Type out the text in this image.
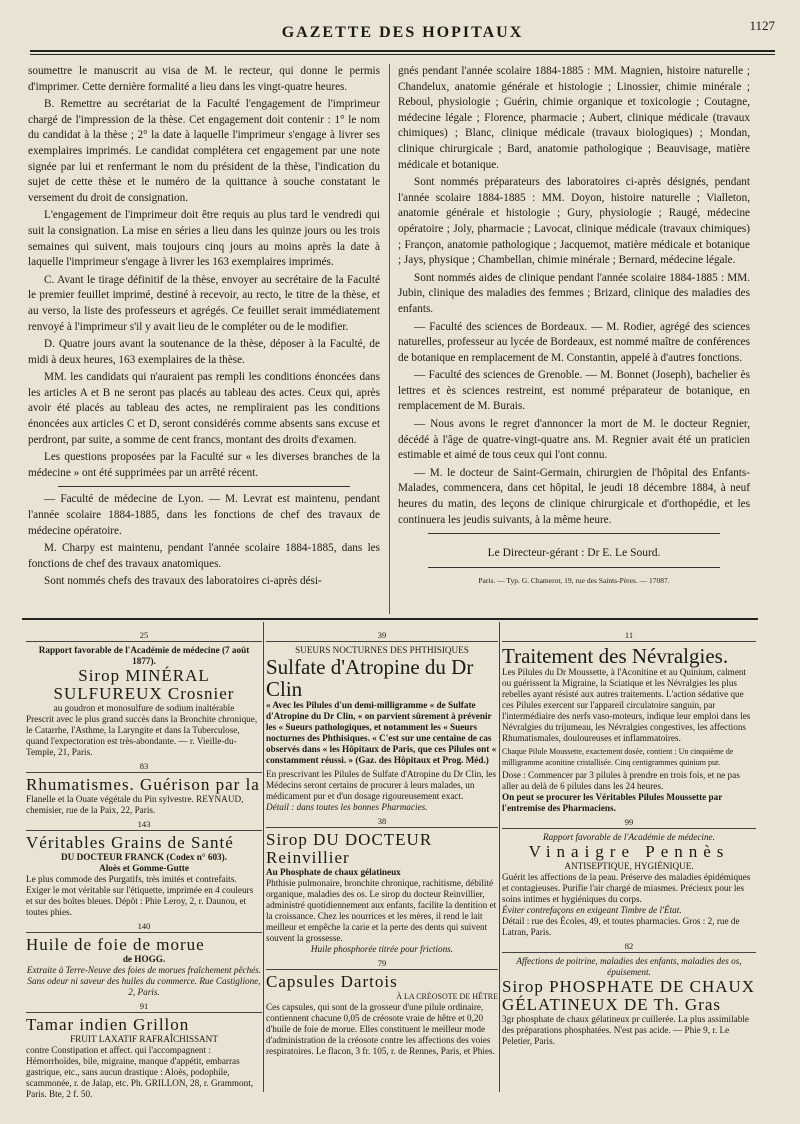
GAZETTE DES HOPITAUX	1127

soumettre le manuscrit au visa de M. le recteur, qui donne le permis d'imprimer. Cette dernière formalité a lieu dans les vingt-quatre heures.

B. Remettre au secrétariat de la Faculté l'engagement de l'imprimeur chargé de l'impression de la thèse. Cet engagement doit contenir : 1° le nom du candidat à la thèse ; 2° la date à laquelle l'imprimeur s'engage à livrer ses exemplaires imprimés. Le candidat complétera cet engagement par une note signée par lui et renfermant le nom du président de la thèse, l'indication du sujet de cette thèse et le numéro de la quittance à souche constatant le versement du droit de consignation.

L'engagement de l'imprimeur doit être requis au plus tard le vendredi qui suit la consignation. La mise en séries a lieu dans les quinze jours ou les trois semaines qui suivent, mais toujours cinq jours au moins après la date à laquelle l'imprimeur s'engage à livrer les 163 exemplaires imprimés.

C. Avant le tirage définitif de la thèse, envoyer au secrétaire de la Faculté le premier feuillet imprimé, destiné à recevoir, au recto, le titre de la thèse, et au verso, la liste des professeurs et agrégés. Ce feuillet serait immédiatement renvoyé à l'imprimeur s'il y avait lieu de le compléter ou de le modifier.

D. Quatre jours avant la soutenance de la thèse, déposer à la Faculté, de midi à deux heures, 163 exemplaires de la thèse.

MM. les candidats qui n'auraient pas rempli les conditions énoncées dans les articles A et B ne seront pas placés au tableau des actes. Ceux qui, après avoir été placés au tableau des actes, ne rempliraient pas les conditions énoncées aux articles C et D, seront considérés comme absents sans excuse et perdront, par suite, a somme de cent francs, montant des droits d'examen.

Les questions proposées par la Faculté sur « les diverses branches de la médecine » ont été supprimées par un arrêté récent.

— Faculté de médecine de Lyon. — M. Levrat est maintenu, pendant l'année scolaire 1884-1885, dans les fonctions de chef des travaux de médecine opératoire.

M. Charpy est maintenu, pendant l'année scolaire 1884-1885, dans les fonctions de chef des travaux anatomiques.

Sont nommés chefs des travaux des laboratoires ci-après dési-

gnés pendant l'année scolaire 1884-1885 : MM. Magnien, histoire naturelle ; Chandelux, anatomie générale et histologie ; Linossier, chimie minérale ; Reboul, physiologie ; Guérin, chimie organique et toxicologie ; Coutagne, médecine légale ; Florence, pharmacie ; Aubert, clinique médicale (travaux chimiques) ; Blanc, clinique médicale (travaux biologiques) ; Mondan, clinique chirurgicale ; Bard, anatomie pathologique ; Beauvisage, matière médicale et botanique.

Sont nommés préparateurs des laboratoires ci-après désignés, pendant l'année scolaire 1884-1885 : MM. Doyon, histoire naturelle ; Vialleton, anatomie générale et histologie ; Gury, physiologie ; Raugé, médecine opératoire ; Joly, pharmacie ; Lavocat, clinique médicale (travaux chimiques) ; Françon, anatomie pathologique ; Jacquemot, matière médicale et botanique ; Jays, physique ; Chambellan, chimie minérale ; Bernard, médecine légale.

Sont nommés aides de clinique pendant l'année scolaire 1884-1885 : MM. Jubin, clinique des maladies des femmes ; Brizard, clinique des maladies des enfants.

— Faculté des sciences de Bordeaux. — M. Rodier, agrégé des sciences naturelles, professeur au lycée de Bordeaux, est nommé maître de conférences de botanique en remplacement de M. Constantin, appelé à d'autres fonctions.

— Faculté des sciences de Grenoble. — M. Bonnet (Joseph), bachelier ès lettres et ès sciences restreint, est nommé préparateur de botanique, en remplacement de M. Burais.

— Nous avons le regret d'annoncer la mort de M. le docteur Regnier, décédé à l'âge de quatre-vingt-quatre ans. M. Regnier avait été un praticien estimable et aimé de tous ceux qui l'ont connu.

— M. le docteur de Saint-Germain, chirurgien de l'hôpital des Enfants-Malades, commencera, dans cet hôpital, le jeudi 18 décembre 1884, à neuf heures du matin, des leçons de clinique chirurgicale et d'orthopédie, et les continuera les jeudis suivants, à la même heure.

Le Directeur-gérant : Dr E. Le Sourd.
Paris. — Typ. G. Chamerot, 19, rue des Saints-Pères. — 17087.
25
Rapport favorable de l'Académie de médecine (7 août 1877).
Sirop MINÉRAL SULFUREUX Crosnier
au goudron et monosulfure de sodium inaltérable
Prescrit avec le plus grand succès dans la Bronchite chronique, le Catarrhe, l'Asthme, la Laryngite et dans la Tuberculose, quand l'expectoration est très-abondante. — r. Vieille-du-Temple, 21, Paris.
83
Rhumatismes. Guérison par la
Flanelle et la Ouate végétale du Pin sylvestre. REYNAUD, chemisier, rue de la Paix, 22, Paris.
143
Véritables Grains de Santé
DU DOCTEUR FRANCK (Codex n° 603).
Aloès et Gomme-Gutte
Le plus commode des Purgatifs, très imités et contrefaits. Exiger le mot véritable sur l'étiquette, imprimée en 4 couleurs et sur des boîtes bleues. Dépôt : Phie Leroy, 2, r. Daunou, et toutes phies.
140
Huile de foie de morue
de HOGG.
Extraite à Terre-Neuve des foies de morues fraîchement pêchés. Sans odeur ni saveur des huiles du commerce. Rue Castiglione, 2, Paris.
91
Tamar indien Grillon
FRUIT LAXATIF RAFRAÎCHISSANT
contre Constipation et affect. qui l'accompagnent : Hémorrhoïdes, bile, migraine, manque d'appétit, embarras gastrique, etc., sans aucun drastique : Aloès, podophile, scammonée, r. de Jalap, etc. Ph. GRILLON, 28, r. Grammont, Paris. Bte, 2 f. 50.
39
SUEURS NOCTURNES DES PHTHISIQUES
Sulfate d'Atropine du Dr Clin
« Avec les Pilules d'un demi-milligramme « de Sulfate d'Atropine du Dr Clin, « on parvient sûrement à prévenir les « Sueurs pathologiques, et notamment les « Sueurs nocturnes des Phthisiques. « C'est sur une centaine de cas observés dans « les Hôpitaux de Paris, que ces Pilules ont « constamment réussi. » (Gaz. des Hôpitaux et Prog. Méd.)
En prescrivant les Pilules de Sulfate d'Atropine du Dr Clin, les Médecins seront certains de procurer à leurs malades, un médicament pur et d'un dosage rigoureusement exact.
Détail : dans toutes les bonnes Pharmacies.
38
Sirop DU DOCTEUR Reinvillier
Au Phosphate de chaux gélatineux
Phthisie pulmonaire, bronchite chronique, rachitisme, débilité organique, maladies des os. Le sirop du docteur Reinvillier, administré quotidiennement aux enfants, facilite la dentition et la croissance. Chez les nourrices et les mères, il rend le lait meilleur et empêche la carie et la perte des dents qui suivent souvent la grossesse.
Huile phosphorée titrée pour frictions.
79
Capsules Dartois
À LA CRÉOSOTE DE HÊTRE
Ces capsules, qui sont de la grosseur d'une pilule ordinaire, contiennent chacune 0,05 de créosote vraie de hêtre et 0,20 d'huile de foie de morue. Elles constituent le meilleur mode d'administration de la créosote contre les affections des voies respiratoires. Le flacon, 3 fr. 105, r. de Rennes, Paris, et Phies.
11
Traitement des Névralgies.
Les Pilules du Dr Moussette, à l'Aconitine et au Quinium, calment ou guérissent la Migraine, la Sciatique et les Névralgies les plus rebelles ayant résisté aux autres traitements. L'action sédative que ces Pilules exercent sur l'appareil circulatoire sanguin, par l'intermédiaire des nerfs vaso-moteurs, indique leur emploi dans les Névralgies du trijumeau, les Névralgies congestives, les affections Rhumatismales, douloureuses et inflammatoires.
Chaque Pilule Moussette, exactement dosée, contient : Un cinquième de milligramme aconitine cristallisée. Cinq centigrammes quinium pur.
Dose : Commencer par 3 pilules à prendre en trois fois, et ne pas aller au delà de 6 pilules dans les 24 heures.
On peut se procurer les Véritables Pilules Moussette par l'entremise des Pharmaciens.
99
Rapport favorable de l'Académie de médecine.
Vinaigre Pennès
ANTISEPTIQUE, HYGIÉNIQUE.
Guérit les affections de la peau. Préserve des maladies épidémiques et contagieuses. Purifie l'air chargé de miasmes. Précieux pour les soins intimes et hygiéniques du corps.
Éviter contrefaçons en exigeant Timbre de l'État.
Détail : rue des Écoles, 49, et toutes pharmacies. Gros : 2, rue de Latran, Paris.
82
Affections de poitrine, maladies des enfants, maladies des os, épuisement.
Sirop PHOSPHATE DE CHAUX GÉLATINEUX DE Th. Gras
3gr phosphate de chaux gélatineux pr cuillerée. La plus assimilable des préparations phosphatées. N'est pas acide. — Phie 9, r. Le Peletier, Paris.
